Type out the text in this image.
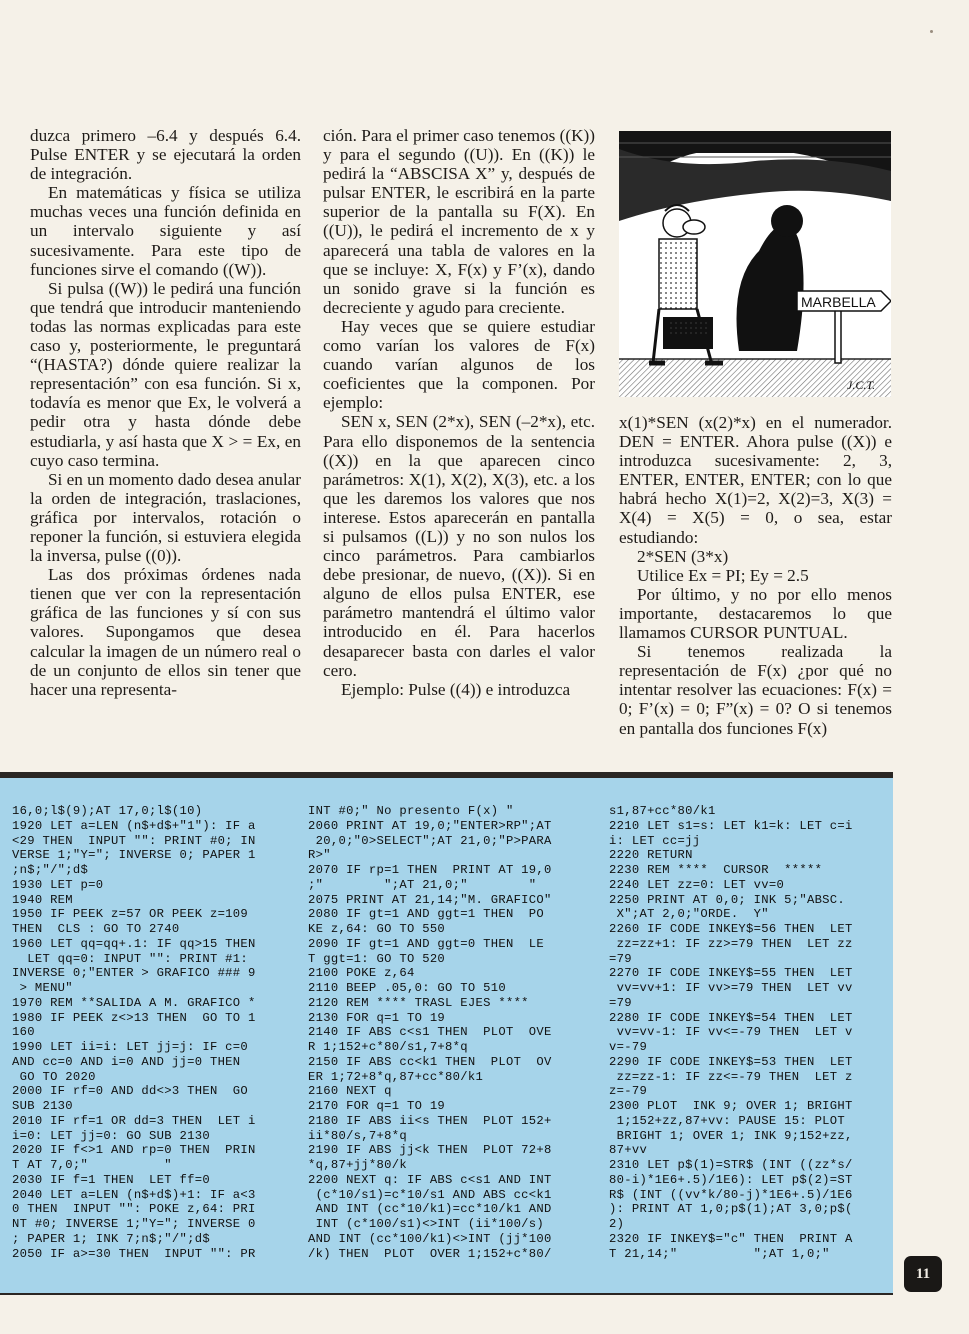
duzca primero –6.4 y después 6.4. Pulse ENTER y se ejecutará la orden de integración.

En matemáticas y física se utiliza muchas veces una función definida en un intervalo siguiente y así sucesivamente. Para este tipo de funciones sirve el comando ((W)).

Si pulsa ((W)) le pedirá una función que tendrá que introducir manteniendo todas las normas explicadas para este caso y, posteriormente, le preguntará “(HASTA?) dónde quiere realizar la representación” con esa función. Si x, todavía es menor que Ex, le volverá a pedir otra y hasta dónde debe estudiarla, y así hasta que X > = Ex, en cuyo caso termina.

Si en un momento dado desea anular la orden de integración, traslaciones, gráfica por intervalos, rotación o reponer la función, si estuviera elegida la inversa, pulse ((0)).

Las dos próximas órdenes nada tienen que ver con la representación gráfica de las funciones y sí con sus valores. Supongamos que desea calcular la imagen de un número real o de un conjunto de ellos sin tener que hacer una representa-

ción. Para el primer caso tenemos ((K)) y para el segundo ((U)). En ((K)) le pedirá la “ABSCISA X” y, después de pulsar ENTER, le escribirá en la parte superior de la pantalla su F(X). En ((U)), le pedirá el incremento de x y aparecerá una tabla de valores en la que se incluye: X, F(x) y F’(x), dando un sonido grave si la función es decreciente y agudo para creciente.

Hay veces que se quiere estudiar como varían los valores de F(x) cuando varían algunos de los coeficientes que la componen. Por ejemplo:

SEN x, SEN (2*x), SEN (–2*x), etc. Para ello disponemos de la sentencia ((X)) en la que aparecen cinco parámetros: X(1), X(2), X(3), etc. a los que les daremos los valores que nos interese. Estos aparecerán en pantalla si pulsamos ((L)) y no son nulos los cinco parámetros. Para cambiarlos debe presionar, de nuevo, ((X)). Si en alguno de ellos pulsa ENTER, ese parámetro mantendrá el último valor introducido en él. Para hacerlos desaparecer basta con darles el valor cero.

Ejemplo: Pulse ((4)) e introduzca

MARBELLA
J.C.T.

x(1)*SEN (x(2)*x) en el numerador. DEN = ENTER. Ahora pulse ((X)) e introduzca sucesivamente: 2, 3, ENTER, ENTER, ENTER; con lo que habrá hecho X(1)=2, X(2)=3, X(3) = X(4) = X(5) = 0, o sea, estar estudiando:

2*SEN (3*x)

Utilice Ex = PI; Ey = 2.5

Por último, y no por ello menos importante, destacaremos lo que llamamos CURSOR PUNTUAL.

Si tenemos realizada la representación de F(x) ¿por qué no intentar resolver las ecuaciones: F(x) = 0; F’(x) = 0; F”(x) = 0? O si tenemos en pantalla dos funciones F(x)

16,0;l$(9);AT 17,0;l$(10)
1920 LET a=LEN (n$+d$+"1"): IF a
<29 THEN  INPUT "": PRINT #0; IN
VERSE 1;"Y="; INVERSE 0; PAPER 1
;n$;"/";d$
1930 LET p=0
1940 REM
1950 IF PEEK z=57 OR PEEK z=109
THEN  CLS : GO TO 2740
1960 LET qq=qq+.1: IF qq>15 THEN
LET qq=0: INPUT "": PRINT #1:
INVERSE 0;"ENTER > GRAFICO ### 9
> MENU"
1970 REM **SALIDA A M. GRAFICO *
1980 IF PEEK z<>13 THEN  GO TO 1
160
1990 LET ii=i: LET jj=j: IF c=0
AND cc=0 AND i=0 AND jj=0 THEN
GO TO 2020
2000 IF rf=0 AND dd<>3 THEN  GO
SUB 2130
2010 IF rf=1 OR dd=3 THEN  LET i
i=0: LET jj=0: GO SUB 2130
2020 IF f<>1 AND rp=0 THEN  PRIN
T AT 7,0;"          "
2030 IF f=1 THEN  LET ff=0
2040 LET a=LEN (n$+d$)+1: IF a<3
0 THEN  INPUT "": POKE z,64: PRI
NT #0; INVERSE 1;"Y="; INVERSE 0
; PAPER 1; INK 7;n$;"/";d$
2050 IF a>=30 THEN  INPUT "": PR
INT #0;" No presento F(x) "
2060 PRINT AT 19,0;"ENTER>RP";AT
20,0;"0>SELECT";AT 21,0;"P>PARA
R>"
2070 IF rp=1 THEN  PRINT AT 19,0
;"        ";AT 21,0;"        "
2075 PRINT AT 21,14;"M. GRAFICO"
2080 IF gt=1 AND ggt=1 THEN  PO
KE z,64: GO TO 550
2090 IF gt=1 AND ggt=0 THEN  LE
T ggt=1: GO TO 520
2100 POKE z,64
2110 BEEP .05,0: GO TO 510
2120 REM **** TRASL EJES ****
2130 FOR q=1 TO 19
2140 IF ABS c<s1 THEN  PLOT  OVE
R 1;152+c*80/s1,7+8*q
2150 IF ABS cc<k1 THEN  PLOT  OV
ER 1;72+8*q,87+cc*80/k1
2160 NEXT q
2170 FOR q=1 TO 19
2180 IF ABS ii<s THEN  PLOT 152+
ii*80/s,7+8*q
2190 IF ABS jj<k THEN  PLOT 72+8
*q,87+jj*80/k
2200 NEXT q: IF ABS c<s1 AND INT
(c*10/s1)=c*10/s1 AND ABS cc<k1
AND INT (cc*10/k1)=cc*10/k1 AND
INT (c*100/s1)<>INT (ii*100/s)
AND INT (cc*100/k1)<>INT (jj*100
/k) THEN  PLOT  OVER 1;152+c*80/
s1,87+cc*80/k1
2210 LET s1=s: LET k1=k: LET c=i
i: LET cc=jj
2220 RETURN
2230 REM ****  CURSOR  *****
2240 LET zz=0: LET vv=0
2250 PRINT AT 0,0; INK 5;"ABSC.
X";AT 2,0;"ORDE.  Y"
2260 IF CODE INKEY$=56 THEN  LET
zz=zz+1: IF zz>=79 THEN  LET zz
=79
2270 IF CODE INKEY$=55 THEN  LET
vv=vv+1: IF vv>=79 THEN  LET vv
=79
2280 IF CODE INKEY$=54 THEN  LET
vv=vv-1: IF vv<=-79 THEN  LET v
v=-79
2290 IF CODE INKEY$=53 THEN  LET
zz=zz-1: IF zz<=-79 THEN  LET z
z=-79
2300 PLOT  INK 9; OVER 1; BRIGHT
1;152+zz,87+vv: PAUSE 15: PLOT
BRIGHT 1; OVER 1; INK 9;152+zz,
87+vv
2310 LET p$(1)=STR$ (INT ((zz*s/
80-i)*1E6+.5)/1E6): LET p$(2)=ST
R$ (INT ((vv*k/80-j)*1E6+.5)/1E6
): PRINT AT 1,0;p$(1);AT 3,0;p$(
2)
2320 IF INKEY$="c" THEN  PRINT A
T 21,14;"          ";AT 1,0;"
11
